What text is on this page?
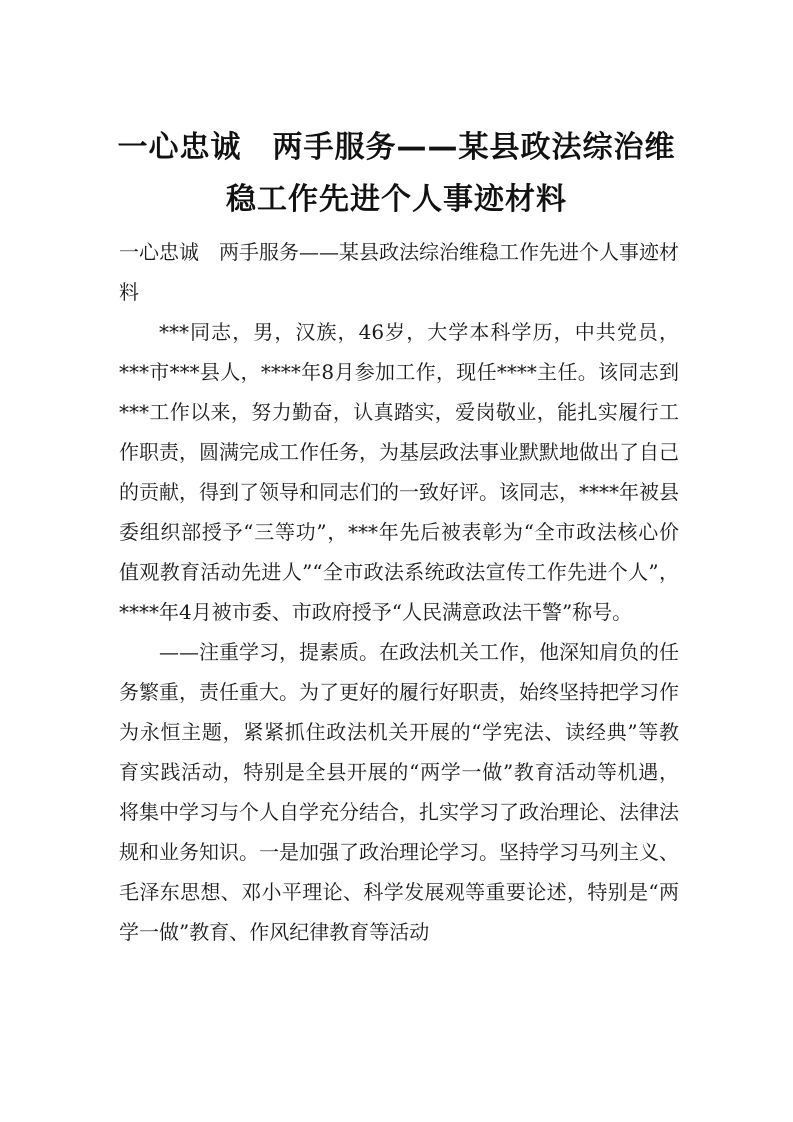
一心忠诚　两手服务——某县政法综治维
稳工作先进个人事迹材料

一心忠诚　两手服务——某县政法综治维稳工作先进个人事迹材料

***同志，男，汉族，46岁，大学本科学历，中共党员，***市***县人，****年8月参加工作，现任****主任。该同志到***工作以来，努力勤奋，认真踏实，爱岗敬业，能扎实履行工作职责，圆满完成工作任务，为基层政法事业默默地做出了自己的贡献，得到了领导和同志们的一致好评。该同志，****年被县委组织部授予“三等功”，***年先后被表彰为“全市政法核心价值观教育活动先进人”“全市政法系统政法宣传工作先进个人”，****年4月被市委、市政府授予“人民满意政法干警”称号。

——注重学习，提素质。在政法机关工作，他深知肩负的任务繁重，责任重大。为了更好的履行好职责，始终坚持把学习作为永恒主题，紧紧抓住政法机关开展的“学宪法、读经典”等教育实践活动，特别是全县开展的“两学一做”教育活动等机遇，将集中学习与个人自学充分结合，扎实学习了政治理论、法律法规和业务知识。一是加强了政治理论学习。坚持学习马列主义、毛泽东思想、邓小平理论、科学发展观等重要论述，特别是“两学一做”教育、作风纪律教育等活动
